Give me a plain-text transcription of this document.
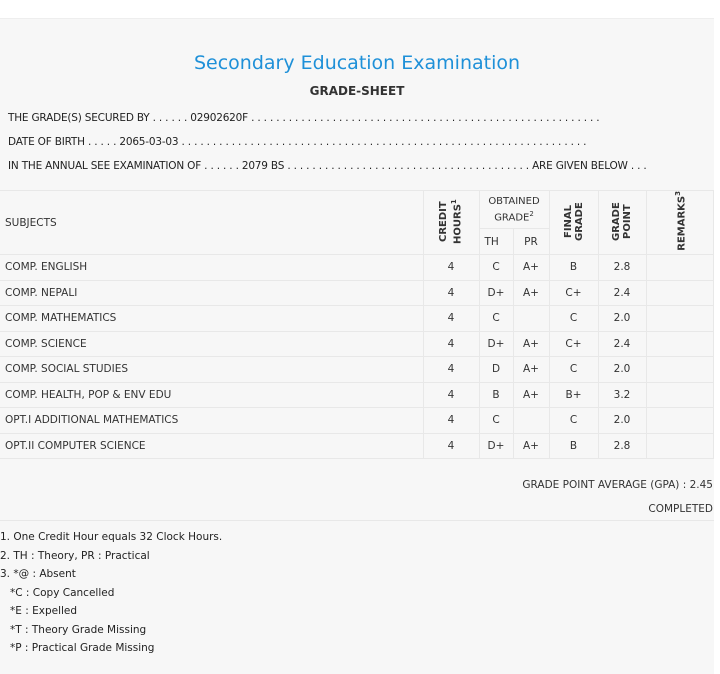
Secondary Education Examination
GRADE-SHEET
THE GRADE(S) SECURED BY . . . . . . 02902620F . . . . . . . . . . . . . . . . . . . . . . . . . . . . . . . . . . . . . . . . . . . . . . . . . . . . . . . .
DATE OF BIRTH . . . . . 2065-03-03 . . . . . . . . . . . . . . . . . . . . . . . . . . . . . . . . . . . . . . . . . . . . . . . . . . . . . . . . . . . . . . . . .
IN THE ANNUAL SEE EXAMINATION OF . . . . . . 2079 BS . . . . . . . . . . . . . . . . . . . . . . . . . . . . . . . . . . . . . . . ARE GIVEN BELOW . . .
SUBJECTS	CREDIT HOURS$^1$	OBTAINED GRADE$^2$		FINAL GRADE	GRADE POINT	REMARKS$^3$
		TH	PR			
COMP. ENGLISH	4	C	A+	B	2.8	
COMP. NEPALI	4	D+	A+	C+	2.4	
COMP. MATHEMATICS	4	C		C	2.0	
COMP. SCIENCE	4	D+	A+	C+	2.4	
COMP. SOCIAL STUDIES	4	D	A+	C	2.0	
COMP. HEALTH, POP & ENV EDU	4	B	A+	B+	3.2	
OPT.I ADDITIONAL MATHEMATICS	4	C		C	2.0	
OPT.II COMPUTER SCIENCE	4	D+	A+	B	2.8	
GRADE POINT AVERAGE (GPA) : 2.45
COMPLETED
1. One Credit Hour equals 32 Clock Hours.
2. TH : Theory, PR : Practical
3. *@ : Absent
*C : Copy Cancelled
*E : Expelled
*T : Theory Grade Missing
*P : Practical Grade Missing
